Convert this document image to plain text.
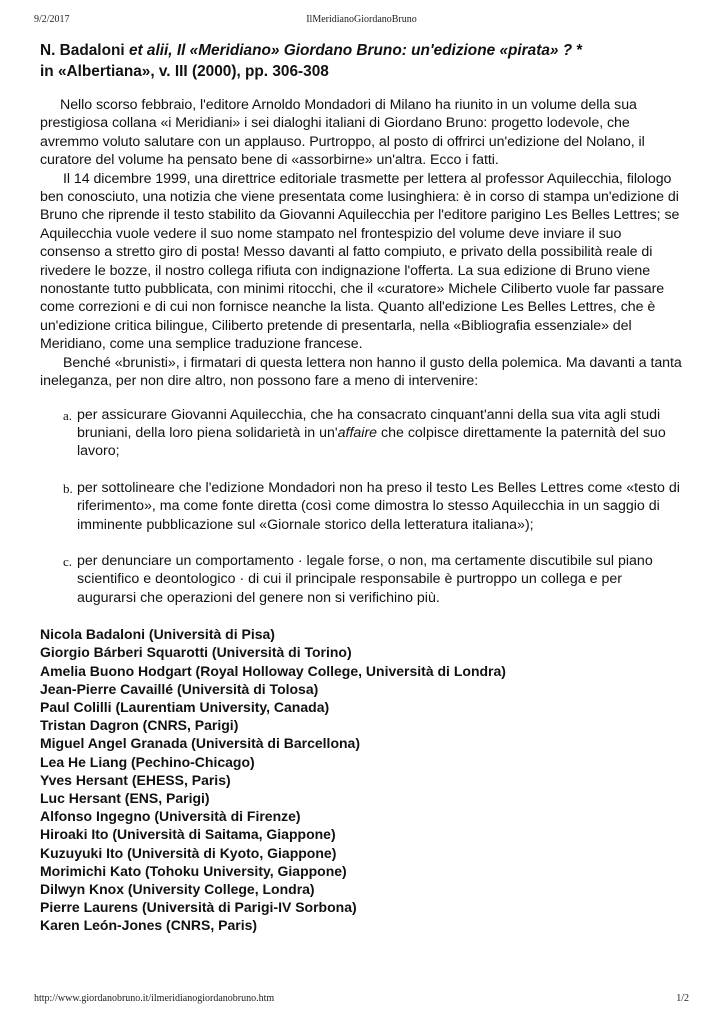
9/2/2017	IlMeridianoGiordanoBruno

N. Badaloni et alii, Il «Meridiano» Giordano Bruno: un'edizione «pirata» ? *
in «Albertiana», v. III (2000), pp. 306-308

Nello scorso febbraio, l'editore Arnoldo Mondadori di Milano ha riunito in un volume della sua prestigiosa collana «i Meridiani» i sei dialoghi italiani di Giordano Bruno: progetto lodevole, che avremmo voluto salutare con un applauso. Purtroppo, al posto di offrirci un'edizione del Nolano, il curatore del volume ha pensato bene di «assorbirne» un'altra. Ecco i fatti.

Il 14 dicembre 1999, una direttrice editoriale trasmette per lettera al professor Aquilecchia, filologo ben conosciuto, una notizia che viene presentata come lusinghiera: è in corso di stampa un'edizione di Bruno che riprende il testo stabilito da Giovanni Aquilecchia per l'editore parigino Les Belles Lettres; se Aquilecchia vuole vedere il suo nome stampato nel frontespizio del volume deve inviare il suo consenso a stretto giro di posta! Messo davanti al fatto compiuto, e privato della possibilità reale di rivedere le bozze, il nostro collega rifiuta con indignazione l'offerta. La sua edizione di Bruno viene nonostante tutto pubblicata, con minimi ritocchi, che il «curatore» Michele Ciliberto vuole far passare come correzioni e di cui non fornisce neanche la lista. Quanto all'edizione Les Belles Lettres, che è un'edizione critica bilingue, Ciliberto pretende di presentarla, nella «Bibliografia essenziale» del Meridiano, come una semplice traduzione francese.

Benché «brunisti», i firmatari di questa lettera non hanno il gusto della polemica. Ma davanti a tanta ineleganza, per non dire altro, non possono fare a meno di intervenire:

a. per assicurare Giovanni Aquilecchia, che ha consacrato cinquant'anni della sua vita agli studi bruniani, della loro piena solidarietà in un'affaire che colpisce direttamente la paternità del suo lavoro;
b. per sottolineare che l'edizione Mondadori non ha preso il testo Les Belles Lettres come «testo di riferimento», ma come fonte diretta (così come dimostra lo stesso Aquilecchia in un saggio di imminente pubblicazione sul «Giornale storico della letteratura italiana»);
c. per denunciare un comportamento · legale forse, o non, ma certamente discutibile sul piano scientifico e deontologico · di cui il principale responsabile è purtroppo un collega e per augurarsi che operazioni del genere non si verifichino più.
Nicola Badaloni (Università di Pisa)
Giorgio Bárberi Squarotti (Università di Torino)
Amelia Buono Hodgart (Royal Holloway College, Università di Londra)
Jean-Pierre Cavaillé (Università di Tolosa)
Paul Colilli (Laurentiam University, Canada)
Tristan Dagron (CNRS, Parigi)
Miguel Angel Granada (Università di Barcellona)
Lea He Liang (Pechino-Chicago)
Yves Hersant (EHESS, Paris)
Luc Hersant (ENS, Parigi)
Alfonso Ingegno (Università di Firenze)
Hiroaki Ito (Università di Saitama, Giappone)
Kuzuyuki Ito (Università di Kyoto, Giappone)
Morimichi Kato (Tohoku University, Giappone)
Dilwyn Knox (University College, Londra)
Pierre Laurens (Università di Parigi-IV Sorbona)
Karen León-Jones (CNRS, Paris)
http://www.giordanobruno.it/ilmeridianogiordanobruno.htm	1/2
